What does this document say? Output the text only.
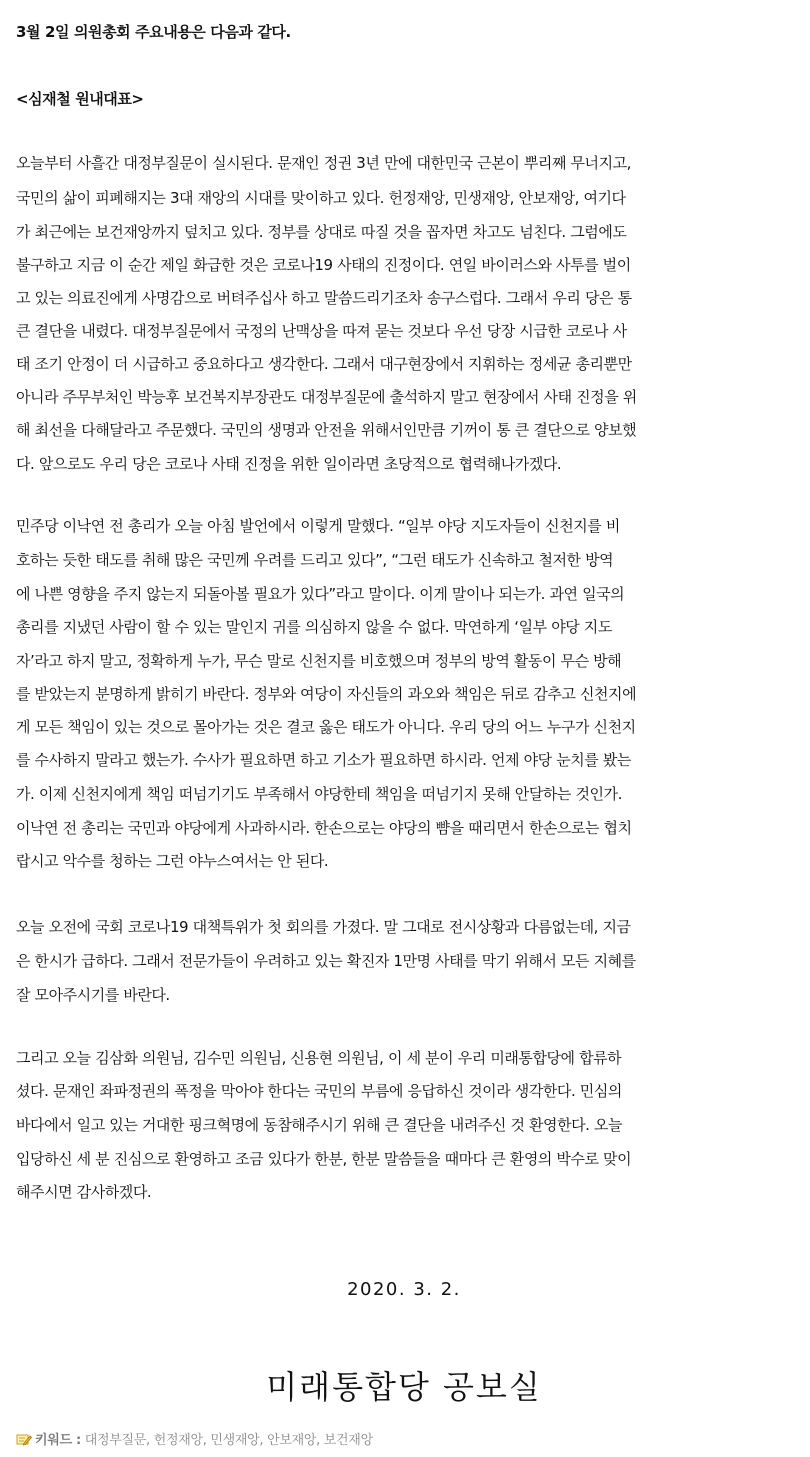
3월 2일 의원총회 주요내용은 다음과 같다.
<심재철 원내대표>
오늘부터 사흘간 대정부질문이 실시된다. 문재인 정권 3년 만에 대한민국 근본이 뿌리째 무너지고,
국민의 삶이 피폐해지는 3대 재앙의 시대를 맞이하고 있다. 헌정재앙, 민생재앙, 안보재앙, 여기다
가 최근에는 보건재앙까지 덮치고 있다. 정부를 상대로 따질 것을 꼽자면 차고도 넘친다. 그럼에도
불구하고 지금 이 순간 제일 화급한 것은 코로나19 사태의 진정이다. 연일 바이러스와 사투를 벌이
고 있는 의료진에게 사명감으로 버텨주십사 하고 말씀드리기조차 송구스럽다. 그래서 우리 당은 통
큰 결단을 내렸다. 대정부질문에서 국정의 난맥상을 따져 묻는 것보다 우선 당장 시급한 코로나 사
태 조기 안정이 더 시급하고 중요하다고 생각한다. 그래서 대구현장에서 지휘하는 정세균 총리뿐만
아니라 주무부처인 박능후 보건복지부장관도 대정부질문에 출석하지 말고 현장에서 사태 진정을 위
해 최선을 다해달라고 주문했다. 국민의 생명과 안전을 위해서인만큼 기꺼이 통 큰 결단으로 양보했
다. 앞으로도 우리 당은 코로나 사태 진정을 위한 일이라면 초당적으로 협력해나가겠다.
민주당 이낙연 전 총리가 오늘 아침 발언에서 이렇게 말했다. “일부 야당 지도자들이 신천지를 비
호하는 듯한 태도를 취해 많은 국민께 우려를 드리고 있다”, “그런 태도가 신속하고 철저한 방역
에 나쁜 영향을 주지 않는지 되돌아볼 필요가 있다”라고 말이다. 이게 말이나 되는가. 과연 일국의
총리를 지냈던 사람이 할 수 있는 말인지 귀를 의심하지 않을 수 없다. 막연하게 ‘일부 야당 지도
자’라고 하지 말고, 정확하게 누가, 무슨 말로 신천지를 비호했으며 정부의 방역 활동이 무슨 방해
를 받았는지 분명하게 밝히기 바란다. 정부와 여당이 자신들의 과오와 책임은 뒤로 감추고 신천지에
게 모든 책임이 있는 것으로 몰아가는 것은 결코 옳은 태도가 아니다. 우리 당의 어느 누구가 신천지
를 수사하지 말라고 했는가. 수사가 필요하면 하고 기소가 필요하면 하시라. 언제 야당 눈치를 봤는
가. 이제 신천지에게 책임 떠넘기기도 부족해서 야당한테 책임을 떠넘기지 못해 안달하는 것인가.
이낙연 전 총리는 국민과 야당에게 사과하시라. 한손으로는 야당의 뺨을 때리면서 한손으로는 협치
랍시고 악수를 청하는 그런 야누스여서는 안 된다.
오늘 오전에 국회 코로나19 대책특위가 첫 회의를 가졌다. 말 그대로 전시상황과 다름없는데, 지금
은 한시가 급하다. 그래서 전문가들이 우려하고 있는 확진자 1만명 사태를 막기 위해서 모든 지혜를
잘 모아주시기를 바란다.
그리고 오늘 김삼화 의원님, 김수민 의원님, 신용현 의원님, 이 세 분이 우리 미래통합당에 합류하
셨다. 문재인 좌파정권의 폭정을 막아야 한다는 국민의 부름에 응답하신 것이라 생각한다. 민심의
바다에서 일고 있는 거대한 핑크혁명에 동참해주시기 위해 큰 결단을 내려주신 것 환영한다. 오늘
입당하신 세 분 진심으로 환영하고 조금 있다가 한분, 한분 말씀들을 때마다 큰 환영의 박수로 맞이
해주시면 감사하겠다.
2020. 3. 2.
미래통합당 공보실
키워드 : 대정부질문, 헌정재앙, 민생재앙, 안보재앙, 보건재앙
